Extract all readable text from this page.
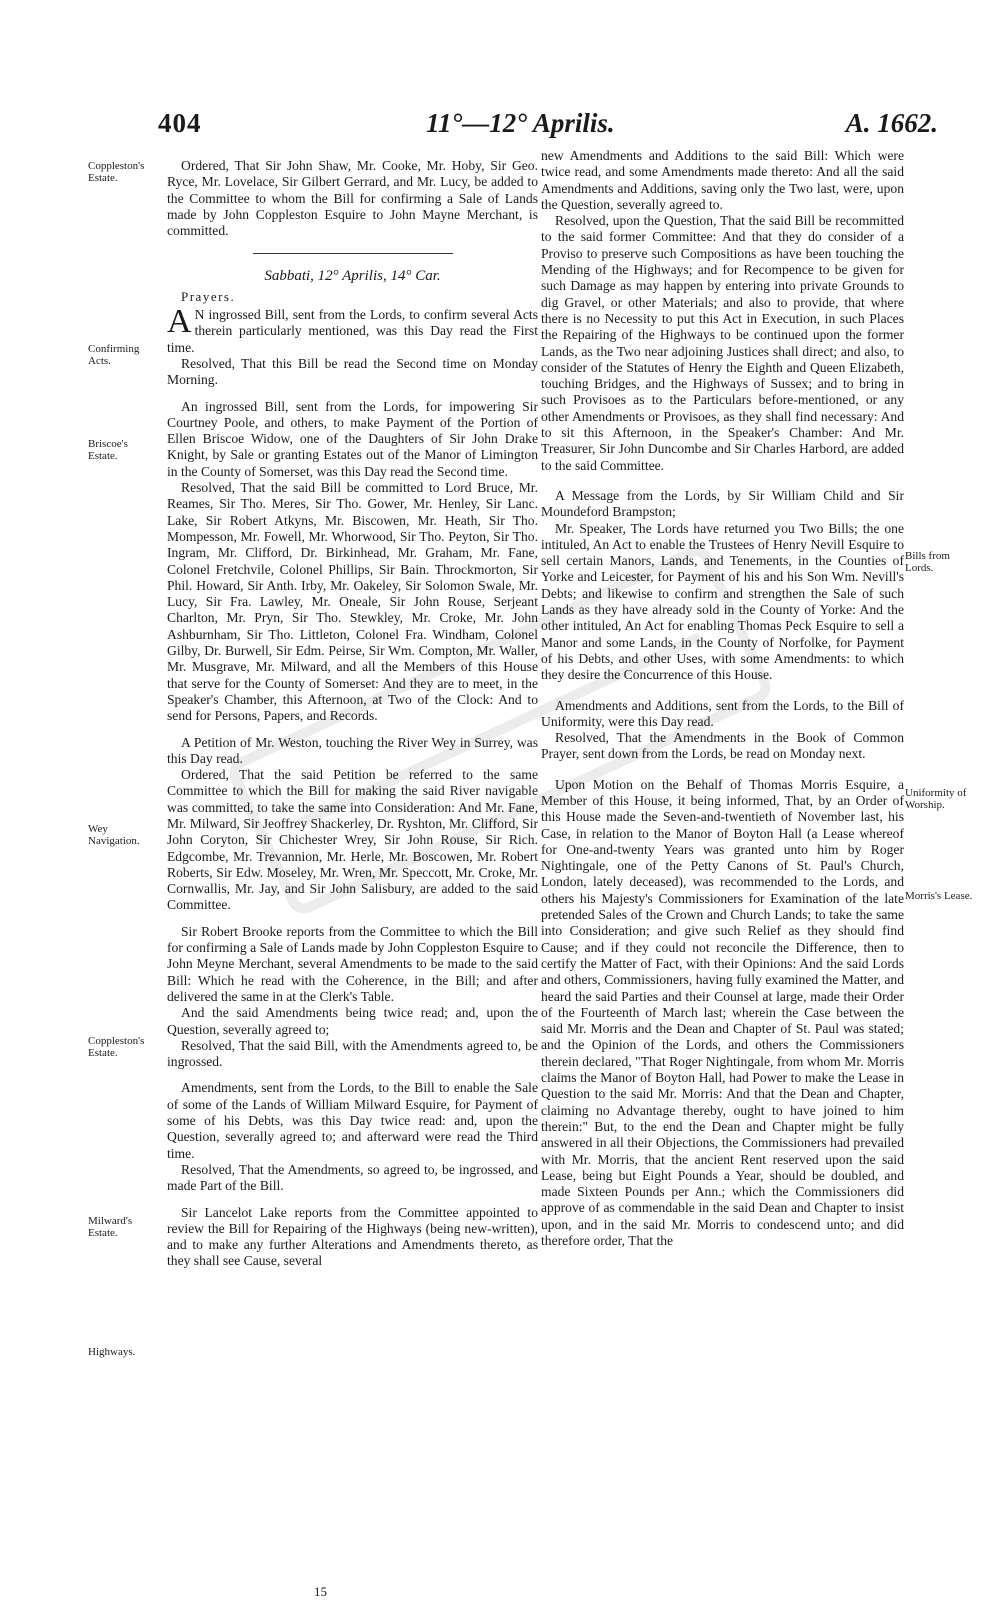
404	11°—12° Aprilis.	A. 1662.
Coppleston's Estate.
Confirming Acts.
Briscoe's Estate.
Wey Navigation.
Coppleston's Estate.
Milward's Estate.
Highways.
Bills from Lords.
Uniformity of Worship.
Morris's Lease.

Ordered, That Sir John Shaw, Mr. Cooke, Mr. Hoby, Sir Geo. Ryce, Mr. Lovelace, Sir Gilbert Gerrard, and Mr. Lucy, be added to the Committee to whom the Bill for confirming a Sale of Lands made by John Coppleston Esquire to John Mayne Merchant, is committed.

Sabbati, 12° Aprilis, 14° Car.
Prayers.

A N ingrossed Bill, sent from the Lords, to confirm several Acts therein particularly mentioned, was this Day read the First time.

Resolved, That this Bill be read the Second time on Monday Morning.

An ingrossed Bill, sent from the Lords, for impowering Sir Courtney Poole, and others, to make Payment of the Portion of Ellen Briscoe Widow, one of the Daughters of Sir John Drake Knight, by Sale or granting Estates out of the Manor of Limington in the County of Somerset, was this Day read the Second time.

Resolved, That the said Bill be committed to Lord Bruce, Mr. Reames, Sir Tho. Meres, Sir Tho. Gower, Mr. Henley, Sir Lanc. Lake, Sir Robert Atkyns, Mr. Biscowen, Mr. Heath, Sir Tho. Mompesson, Mr. Fowell, Mr. Whorwood, Sir Tho. Peyton, Sir Tho. Ingram, Mr. Clifford, Dr. Birkinhead, Mr. Graham, Mr. Fane, Colonel Fretchvile, Colonel Phillips, Sir Bain. Throckmorton, Sir Phil. Howard, Sir Anth. Irby, Mr. Oakeley, Sir Solomon Swale, Mr. Lucy, Sir Fra. Lawley, Mr. Oneale, Sir John Rouse, Serjeant Charlton, Mr. Pryn, Sir Tho. Stewkley, Mr. Croke, Mr. John Ashburnham, Sir Tho. Littleton, Colonel Fra. Windham, Colonel Gilby, Dr. Burwell, Sir Edm. Peirse, Sir Wm. Compton, Mr. Waller, Mr. Musgrave, Mr. Milward, and all the Members of this House that serve for the County of Somerset: And they are to meet, in the Speaker's Chamber, this Afternoon, at Two of the Clock: And to send for Persons, Papers, and Records.

A Petition of Mr. Weston, touching the River Wey in Surrey, was this Day read.

Ordered, That the said Petition be referred to the same Committee to which the Bill for making the said River navigable was committed, to take the same into Consideration: And Mr. Fane, Mr. Milward, Sir Jeoffrey Shackerley, Dr. Ryshton, Mr. Clifford, Sir John Coryton, Sir Chichester Wrey, Sir John Rouse, Sir Rich. Edgcombe, Mr. Trevannion, Mr. Herle, Mr. Boscowen, Mr. Robert Roberts, Sir Edw. Moseley, Mr. Wren, Mr. Speccott, Mr. Croke, Mr. Cornwallis, Mr. Jay, and Sir John Salisbury, are added to the said Committee.

Sir Robert Brooke reports from the Committee to which the Bill for confirming a Sale of Lands made by John Coppleston Esquire to John Meyne Merchant, several Amendments to be made to the said Bill: Which he read with the Coherence, in the Bill; and after delivered the same in at the Clerk's Table.

And the said Amendments being twice read; and, upon the Question, severally agreed to;

Resolved, That the said Bill, with the Amendments agreed to, be ingrossed.

Amendments, sent from the Lords, to the Bill to enable the Sale of some of the Lands of William Milward Esquire, for Payment of some of his Debts, was this Day twice read: and, upon the Question, severally agreed to; and afterward were read the Third time.

Resolved, That the Amendments, so agreed to, be ingrossed, and made Part of the Bill.

Sir Lancelot Lake reports from the Committee appointed to review the Bill for Repairing of the Highways (being new-written), and to make any further Alterations and Amendments thereto, as they shall see Cause, several

new Amendments and Additions to the said Bill: Which were twice read, and some Amendments made thereto: And all the said Amendments and Additions, saving only the Two last, were, upon the Question, severally agreed to.

Resolved, upon the Question, That the said Bill be recommitted to the said former Committee: And that they do consider of a Proviso to preserve such Compositions as have been touching the Mending of the Highways; and for Recompence to be given for such Damage as may happen by entering into private Grounds to dig Gravel, or other Materials; and also to provide, that where there is no Necessity to put this Act in Execution, in such Places the Repairing of the Highways to be continued upon the former Lands, as the Two near adjoining Justices shall direct; and also, to consider of the Statutes of Henry the Eighth and Queen Elizabeth, touching Bridges, and the Highways of Sussex; and to bring in such Provisoes as to the Particulars before-mentioned, or any other Amendments or Provisoes, as they shall find necessary: And to sit this Afternoon, in the Speaker's Chamber: And Mr. Treasurer, Sir John Duncombe and Sir Charles Harbord, are added to the said Committee.

A Message from the Lords, by Sir William Child and Sir Moundeford Brampston;

Mr. Speaker, The Lords have returned you Two Bills; the one intituled, An Act to enable the Trustees of Henry Nevill Esquire to sell certain Manors, Lands, and Tenements, in the Counties of Yorke and Leicester, for Payment of his and his Son Wm. Nevill's Debts; and likewise to confirm and strengthen the Sale of such Lands as they have already sold in the County of Yorke: And the other intituled, An Act for enabling Thomas Peck Esquire to sell a Manor and some Lands, in the County of Norfolke, for Payment of his Debts, and other Uses, with some Amendments: to which they desire the Concurrence of this House.

Amendments and Additions, sent from the Lords, to the Bill of Uniformity, were this Day read.

Resolved, That the Amendments in the Book of Common Prayer, sent down from the Lords, be read on Monday next.

Upon Motion on the Behalf of Thomas Morris Esquire, a Member of this House, it being informed, That, by an Order of this House made the Seven-and-twentieth of November last, his Case, in relation to the Manor of Boyton Hall (a Lease whereof for One-and-twenty Years was granted unto him by Roger Nightingale, one of the Petty Canons of St. Paul's Church, London, lately deceased), was recommended to the Lords, and others his Majesty's Commissioners for Examination of the late pretended Sales of the Crown and Church Lands; to take the same into Consideration; and give such Relief as they should find Cause; and if they could not reconcile the Difference, then to certify the Matter of Fact, with their Opinions: And the said Lords and others, Commissioners, having fully examined the Matter, and heard the said Parties and their Counsel at large, made their Order of the Fourteenth of March last; wherein the Case between the said Mr. Morris and the Dean and Chapter of St. Paul was stated; and the Opinion of the Lords, and others the Commissioners therein declared, "That Roger Nightingale, from whom Mr. Morris claims the Manor of Boyton Hall, had Power to make the Lease in Question to the said Mr. Morris: And that the Dean and Chapter, claiming no Advantage thereby, ought to have joined to him therein:" But, to the end the Dean and Chapter might be fully answered in all their Objections, the Commissioners had prevailed with Mr. Morris, that the ancient Rent reserved upon the said Lease, being but Eight Pounds a Year, should be doubled, and made Sixteen Pounds per Ann.; which the Commissioners did approve of as commendable in the said Dean and Chapter to insist upon, and in the said Mr. Morris to condescend unto; and did therefore order, That the

15
